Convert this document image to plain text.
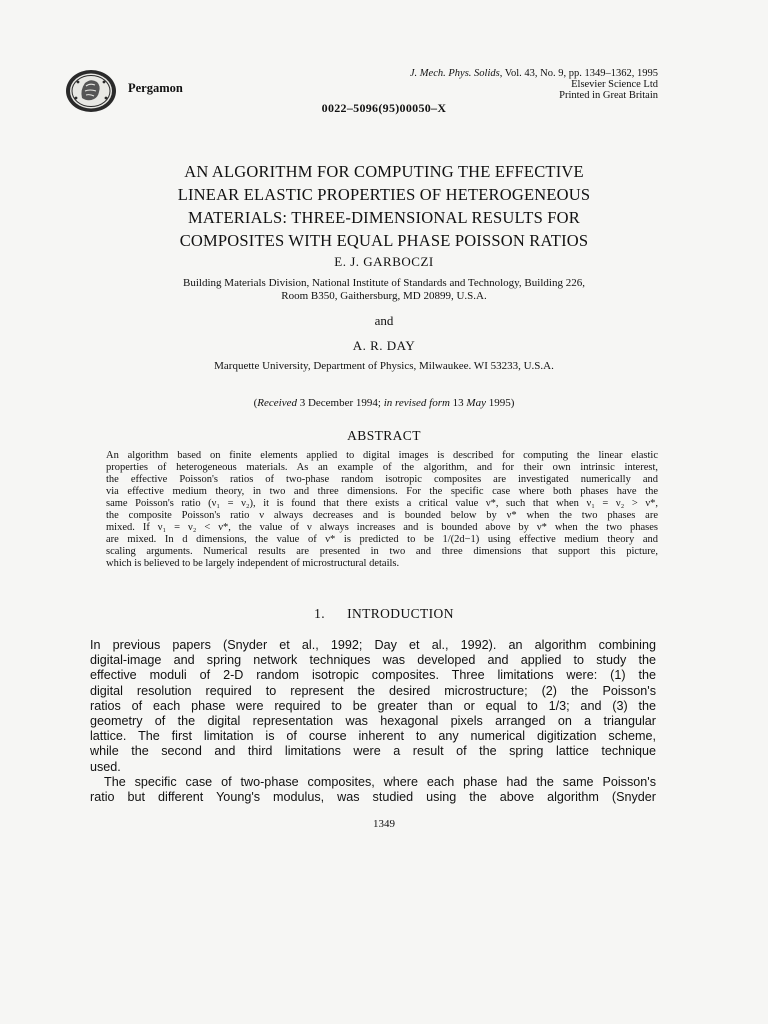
Pergamon
J. Mech. Phys. Solids, Vol. 43, No. 9, pp. 1349–1362, 1995
Elsevier Science Ltd
Printed in Great Britain
0022–5096(95)00050–X
AN ALGORITHM FOR COMPUTING THE EFFECTIVE
LINEAR ELASTIC PROPERTIES OF HETEROGENEOUS
MATERIALS: THREE-DIMENSIONAL RESULTS FOR
COMPOSITES WITH EQUAL PHASE POISSON RATIOS
E. J. GARBOCZI
Building Materials Division, National Institute of Standards and Technology, Building 226,
Room B350, Gaithersburg, MD 20899, U.S.A.
and
A. R. DAY
Marquette University, Department of Physics, Milwaukee. WI 53233, U.S.A.
(Received 3 December 1994; in revised form 13 May 1995)
ABSTRACT
An algorithm based on finite elements applied to digital images is described for computing the linear elastic
properties of heterogeneous materials. As an example of the algorithm, and for their own intrinsic interest,
the effective Poisson's ratios of two-phase random isotropic composites are investigated numerically and
via effective medium theory, in two and three dimensions. For the specific case where both phases have the
same Poisson's ratio (ν₁ = ν₂), it is found that there exists a critical value ν*, such that when ν₁ = ν₂ > ν*,
the composite Poisson's ratio ν always decreases and is bounded below by ν* when the two phases are
mixed. If ν₁ = ν₂ < ν*, the value of ν always increases and is bounded above by ν* when the two phases
are mixed. In d dimensions, the value of ν* is predicted to be 1/(2d−1) using effective medium theory and
scaling arguments. Numerical results are presented in two and three dimensions that support this picture,
which is believed to be largely independent of microstructural details.
1. INTRODUCTION
In previous papers (Snyder et al., 1992; Day et al., 1992). an algorithm combining
digital-image and spring network techniques was developed and applied to study the
effective moduli of 2-D random isotropic composites. Three limitations were: (1) the
digital resolution required to represent the desired microstructure; (2) the Poisson's
ratios of each phase were required to be greater than or equal to 1/3; and (3) the
geometry of the digital representation was hexagonal pixels arranged on a triangular
lattice. The first limitation is of course inherent to any numerical digitization scheme,
while the second and third limitations were a result of the spring lattice technique
used.
The specific case of two-phase composites, where each phase had the same Poisson's
ratio but different Young's modulus, was studied using the above algorithm (Snyder
1349
